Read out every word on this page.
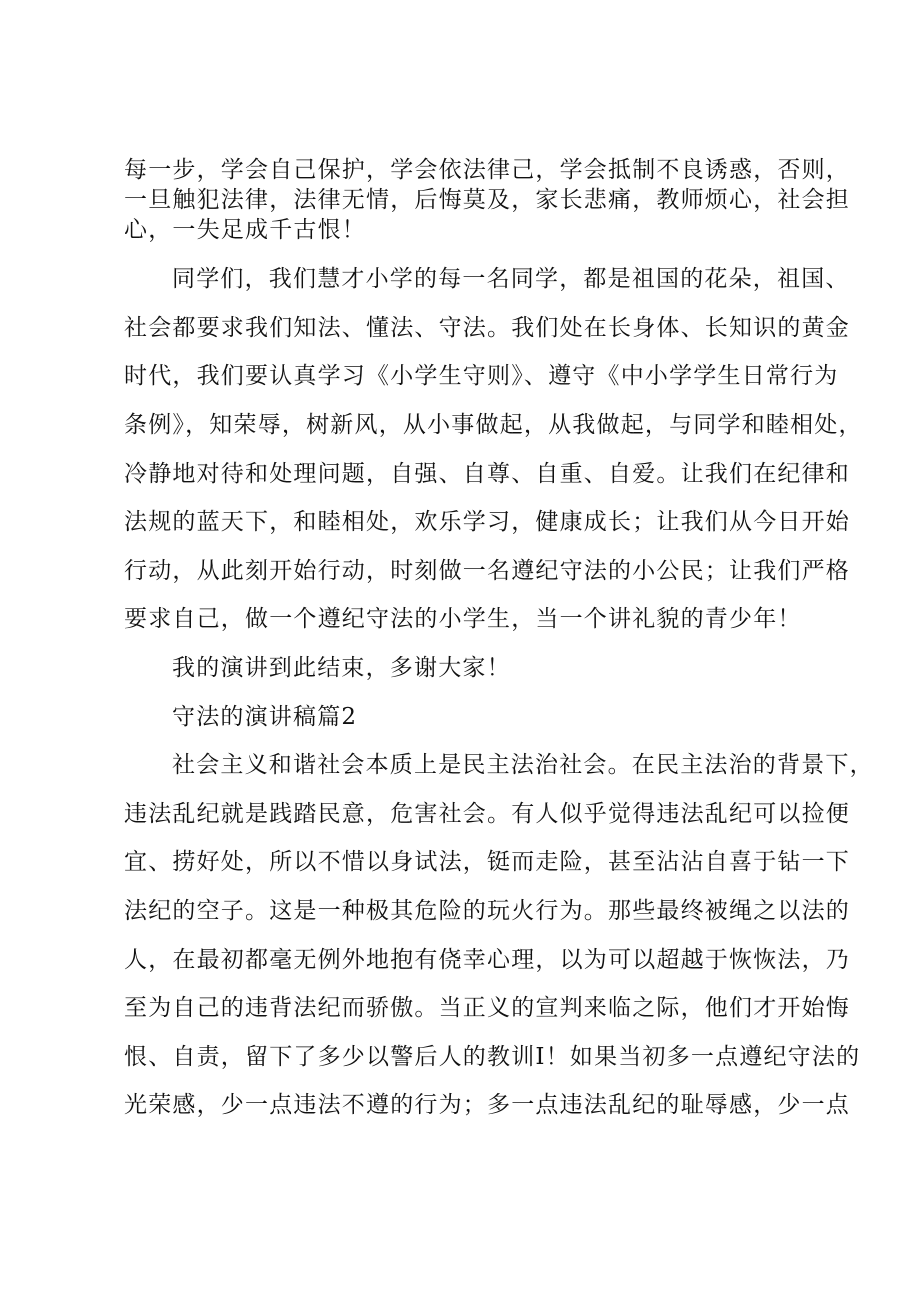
每一步，学会自己保护，学会依法律己，学会抵制不良诱惑，否则，
一旦触犯法律，法律无情，后悔莫及，家长悲痛，教师烦心，社会担
心，一失足成千古恨！
同学们，我们慧才小学的每一名同学，都是祖国的花朵，祖国、
社会都要求我们知法、懂法、守法。我们处在长身体、长知识的黄金
时代，我们要认真学习《小学生守则》、遵守《中小学学生日常行为
条例》，知荣辱，树新风，从小事做起，从我做起，与同学和睦相处，
冷静地对待和处理问题，自强、自尊、自重、自爱。让我们在纪律和
法规的蓝天下，和睦相处，欢乐学习，健康成长；让我们从今日开始
行动，从此刻开始行动，时刻做一名遵纪守法的小公民；让我们严格
要求自己，做一个遵纪守法的小学生，当一个讲礼貌的青少年！
我的演讲到此结束，多谢大家！
守法的演讲稿篇2
社会主义和谐社会本质上是民主法治社会。在民主法治的背景下，
违法乱纪就是践踏民意，危害社会。有人似乎觉得违法乱纪可以捡便
宜、捞好处，所以不惜以身试法，铤而走险，甚至沾沾自喜于钻一下
法纪的空子。这是一种极其危险的玩火行为。那些最终被绳之以法的
人，在最初都毫无例外地抱有侥幸心理，以为可以超越于恢恢法，乃
至为自己的违背法纪而骄傲。当正义的宣判来临之际，他们才开始悔
恨、自责，留下了多少以警后人的教训I！如果当初多一点遵纪守法的
光荣感，少一点违法不遵的行为；多一点违法乱纪的耻辱感，少一点
